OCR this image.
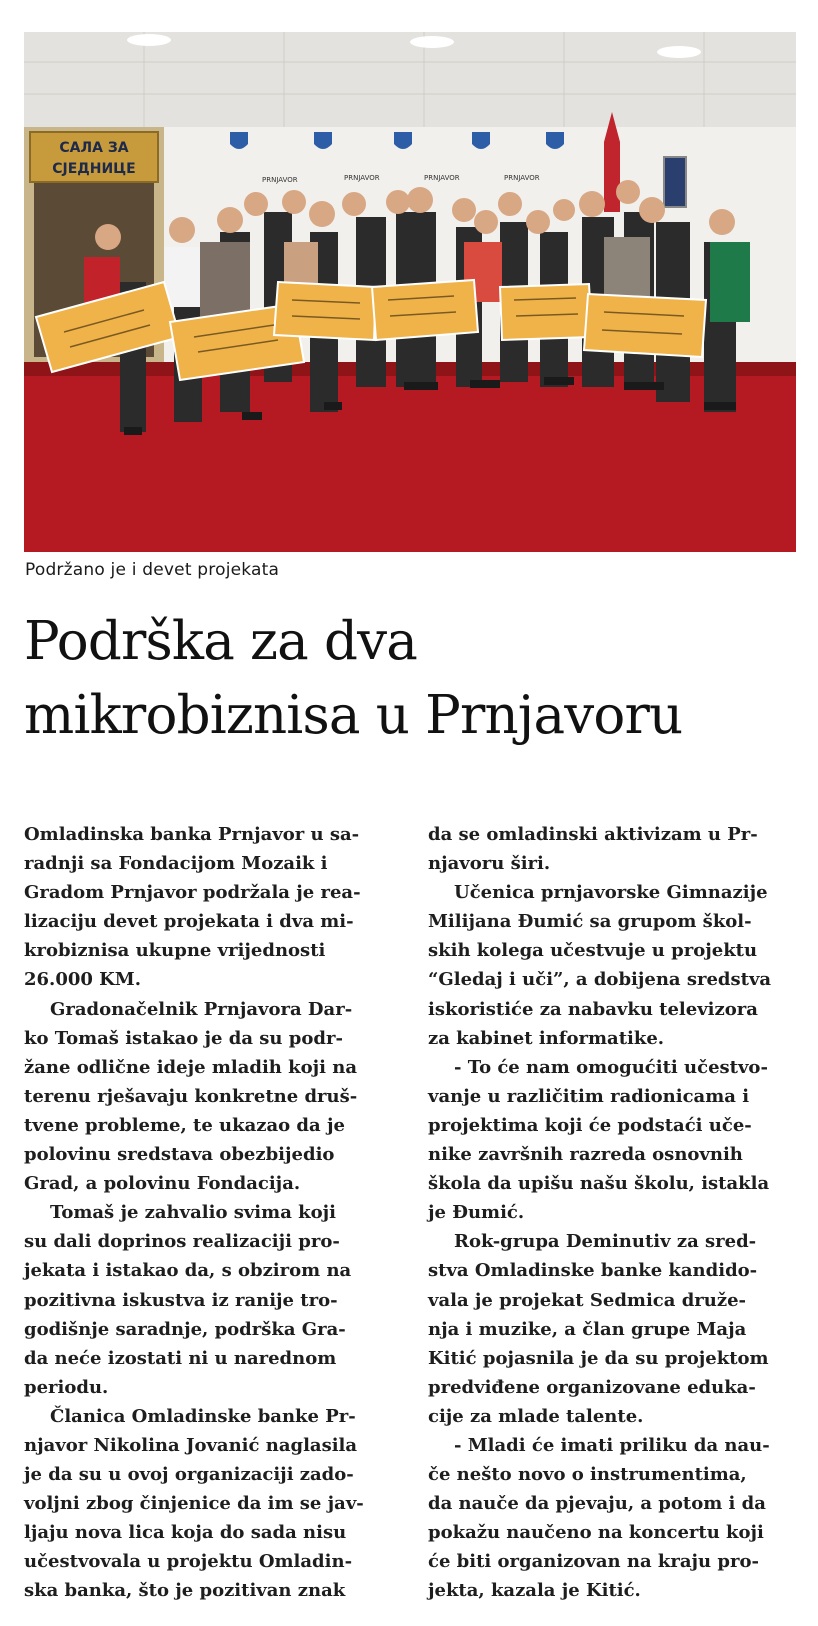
САЛА ЗА
СЈЕДНИЦЕ
PRNJAVOR	PRNJAVOR	PRNJAVOR	PRNJAVOR
Podržano je i devet projekata
Podrška za dva
mikrobiznisa u Prnjavoru

Omladinska banka Prnjavor u sa-
radnji sa Fondacijom Mozaik i
Gradom Prnjavor podržala je rea-
lizaciju devet projekata i dva mi-
krobiznisa ukupne vrijednosti
26.000 KM.

Gradonačelnik Prnjavora Dar-
ko Tomaš istakao je da su podr-
žane odlične ideje mladih koji na
terenu rješavaju konkretne druš-
tvene probleme, te ukazao da je
polovinu sredstava obezbijedio
Grad, a polovinu Fondacija.

Tomaš je zahvalio svima koji
su dali doprinos realizaciji pro-
jekata i istakao da, s obzirom na
pozitivna iskustva iz ranije tro-
godišnje saradnje, podrška Gra-
da neće izostati ni u narednom
periodu.

Članica Omladinske banke Pr-
njavor Nikolina Jovanić naglasila
je da su u ovoj organizaciji zado-
voljni zbog činjenice da im se jav-
ljaju nova lica koja do sada nisu
učestvovala u projektu Omladin-
ska banka, što je pozitivan znak

da se omladinski aktivizam u Pr-
njavoru širi.

Učenica prnjavorske Gimnazije
Milijana Đumić sa grupom škol-
skih kolega učestvuje u projektu
“Gledaj i uči”, a dobijena sredstva
iskoristiće za nabavku televizora
za kabinet informatike.

- To će nam omogućiti učestvo-
vanje u različitim radionicama i
projektima koji će podstaći uče-
nike završnih razreda osnovnih
škola da upišu našu školu, istakla
je Đumić.

Rok-grupa Deminutiv za sred-
stva Omladinske banke kandido-
vala je projekat Sedmica druže-
nja i muzike, a član grupe Maja
Kitić pojasnila je da su projektom
predviđene organizovane eduka-
cije za mlade talente.

- Mladi će imati priliku da nau-
če nešto novo o instrumentima,
da nauče da pjevaju, a potom i da
pokažu naučeno na koncertu koji
će biti organizovan na kraju pro-
jekta, kazala je Kitić.
